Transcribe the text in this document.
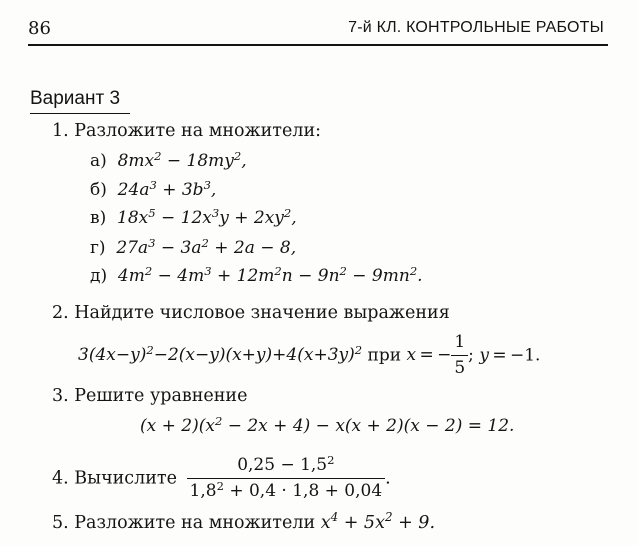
86	7-й КЛ. КОНТРОЛЬНЫЕ РАБОТЫ
Вариант 3
1. Разложите на множители:
а)  $8mx^2 - 18my^2$,
б)  $24a^3 + 3b^3$,
в)  $18x^5 - 12x^3y + 2xy^2$,
г)  $27a^3 - 3a^2 + 2a - 8$,
д)  $4m^2 - 4m^3 + 12m^2n - 9n^2 - 9mn^2$.
2. Найдите числовое значение выражения
$3(4x-y)^2-2(x-y)(x+y)+4(x+3y)^2$ при x = − $\frac{1}{5}$ ; y = −1.
3. Решите уравнение
$(x + 2)(x^2 - 2x + 4) - x(x + 2)(x - 2) = 12$.
4. Вычислите $\frac{0,25 - 1,5^2}{1,8^2 + 0,4 \cdot 1,8 + 0,04}$ .
5. Разложите на множители $x^4 + 5x^2 + 9$.
